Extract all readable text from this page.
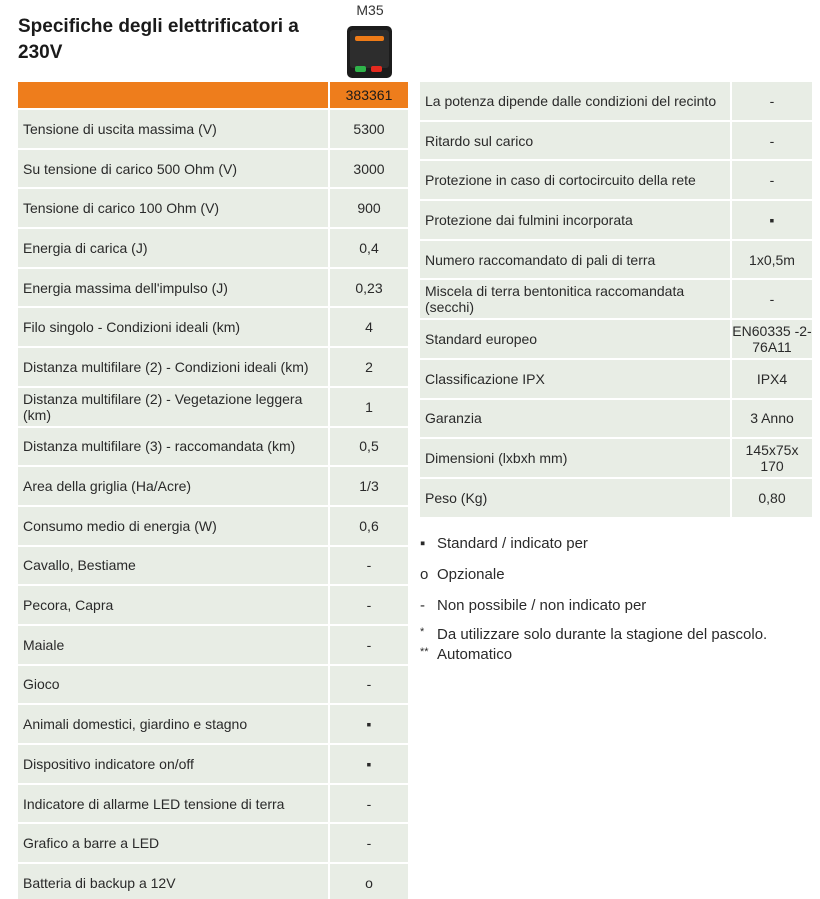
Specifiche degli elettrificatori a 230V
M35
383361
Tensione di uscita massima (V)	5300
Su tensione di carico 500 Ohm (V)	3000
Tensione di carico 100 Ohm (V)	900
Energia di carica (J)	0,4
Energia massima dell'impulso (J)	0,23
Filo singolo - Condizioni ideali (km)	4
Distanza multifilare (2) - Condizioni ideali (km)	2
Distanza multifilare (2) - Vegetazione leggera (km)	1
Distanza multifilare (3) - raccomandata (km)	0,5
Area della griglia (Ha/Acre)	1/3
Consumo medio di energia (W)	0,6
Cavallo, Bestiame	-
Pecora, Capra	-
Maiale	-
Gioco	-
Animali domestici, giardino e stagno	▪
Dispositivo indicatore on/off	▪
Indicatore di allarme LED tensione di terra	-
Grafico a barre a LED	-
Batteria di backup a 12V	o
La potenza dipende dalle condizioni del recinto	-
Ritardo sul carico	-
Protezione in caso di cortocircuito della rete	-
Protezione dai fulmini incorporata	▪
Numero raccomandato di pali di terra	1x0,5m
Miscela di terra bentonitica raccomandata (secchi)	-
Standard europeo	EN60335 -2-76A11
Classificazione IPX	IPX4
Garanzia	3 Anno
Dimensioni (lxbxh mm)	145x75x 170
Peso (Kg)	0,80
▪ Standard / indicato per
o Opzionale
- Non possibile / non indicato per
* Da utilizzare solo durante la stagione del pascolo.
** Automatico
